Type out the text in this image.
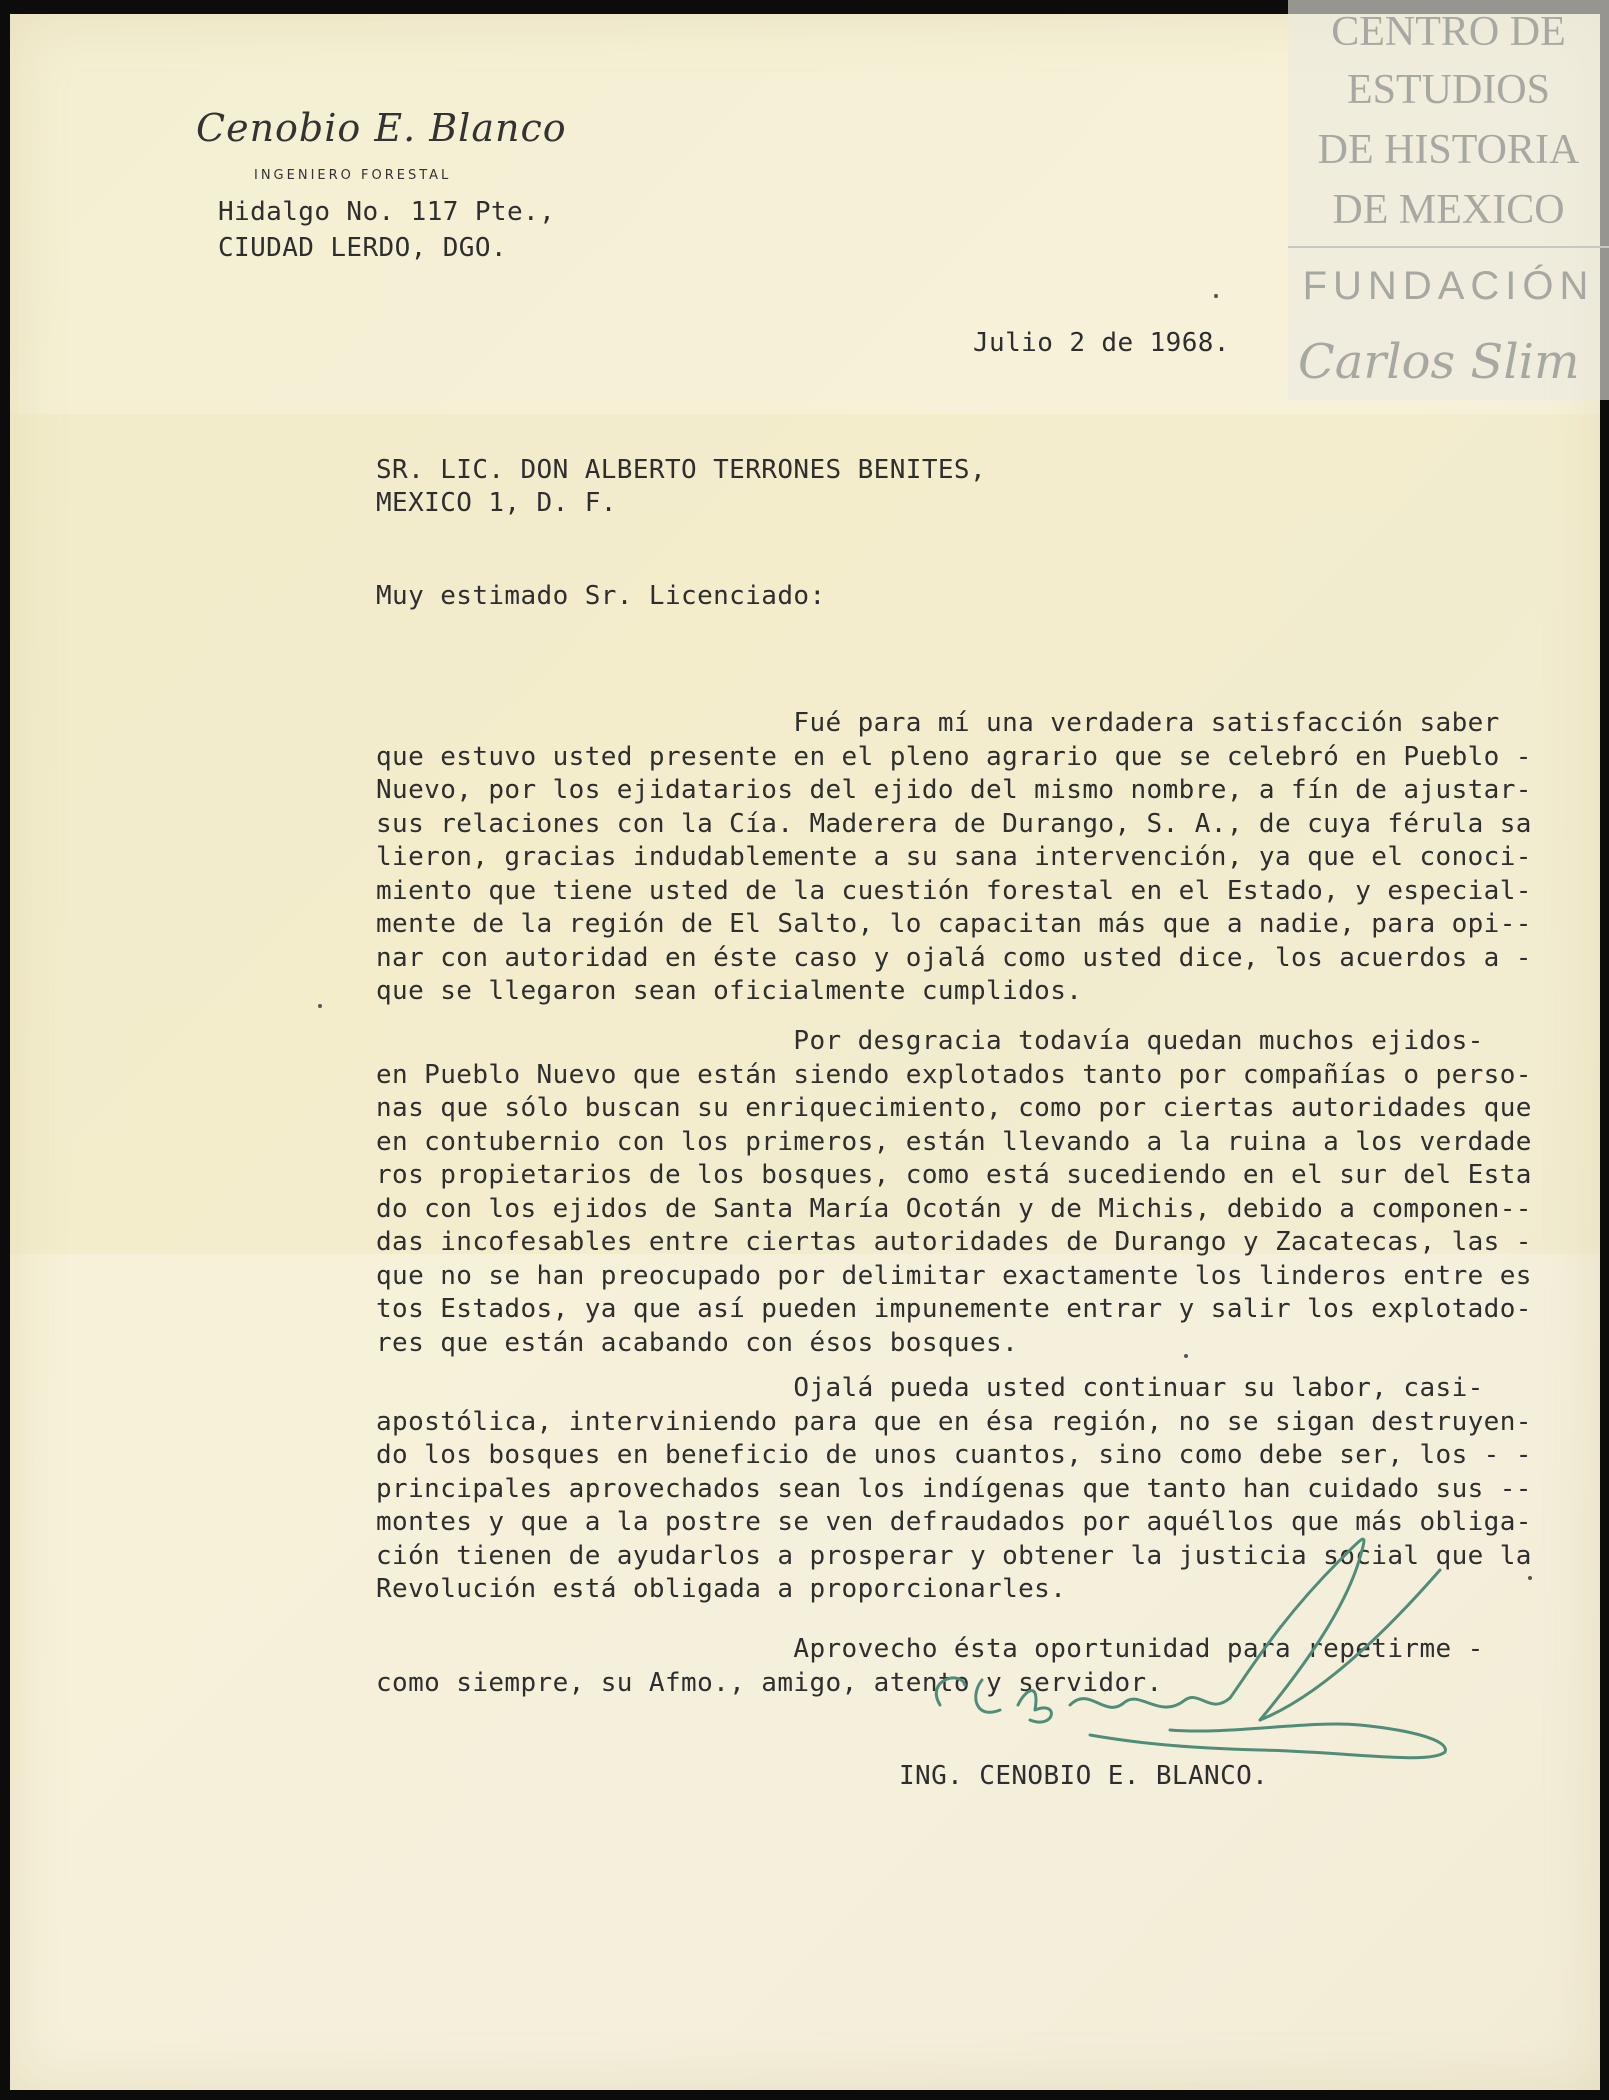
Cenobio E. Blanco
INGENIERO FORESTAL
Hidalgo No. 117 Pte.,
CIUDAD LERDO, DGO.
Julio 2 de 1968.
SR. LIC. DON ALBERTO TERRONES BENITES,
MEXICO 1, D. F.
Muy estimado Sr. Licenciado:
Fué para mí una verdadera satisfacción saber
que estuvo usted presente en el pleno agrario que se celebró en Pueblo -
Nuevo, por los ejidatarios del ejido del mismo nombre, a fín de ajustar-
sus relaciones con la Cía. Maderera de Durango, S. A., de cuya férula sa
lieron, gracias indudablemente a su sana intervención, ya que el conoci-
miento que tiene usted de la cuestión forestal en el Estado, y especial-
mente de la región de El Salto, lo capacitan más que a nadie, para opi--
nar con autoridad en éste caso y ojalá como usted dice, los acuerdos a -
que se llegaron sean oficialmente cumplidos.
Por desgracia todavía quedan muchos ejidos-
en Pueblo Nuevo que están siendo explotados tanto por compañías o perso-
nas que sólo buscan su enriquecimiento, como por ciertas autoridades que
en contubernio con los primeros, están llevando a la ruina a los verdade
ros propietarios de los bosques, como está sucediendo en el sur del Esta
do con los ejidos de Santa María Ocotán y de Michis, debido a componen--
das incofesables entre ciertas autoridades de Durango y Zacatecas, las -
que no se han preocupado por delimitar exactamente los linderos entre es
tos Estados, ya que así pueden impunemente entrar y salir los explotado-
res que están acabando con ésos bosques.
Ojalá pueda usted continuar su labor, casi-
apostólica, interviniendo para que en ésa región, no se sigan destruyen-
do los bosques en beneficio de unos cuantos, sino como debe ser, los - -
principales aprovechados sean los indígenas que tanto han cuidado sus --
montes y que a la postre se ven defraudados por aquéllos que más obliga-
ción tienen de ayudarlos a prosperar y obtener la justicia social que la
Revolución está obligada a proporcionarles.
Aprovecho ésta oportunidad para repetirme -
como siempre, su Afmo., amigo, atento y servidor.
ING. CENOBIO E. BLANCO.
CENTRO DE
ESTUDIOS
DE HISTORIA
DE MEXICO
FUNDACIÓN
Carlos Slim
